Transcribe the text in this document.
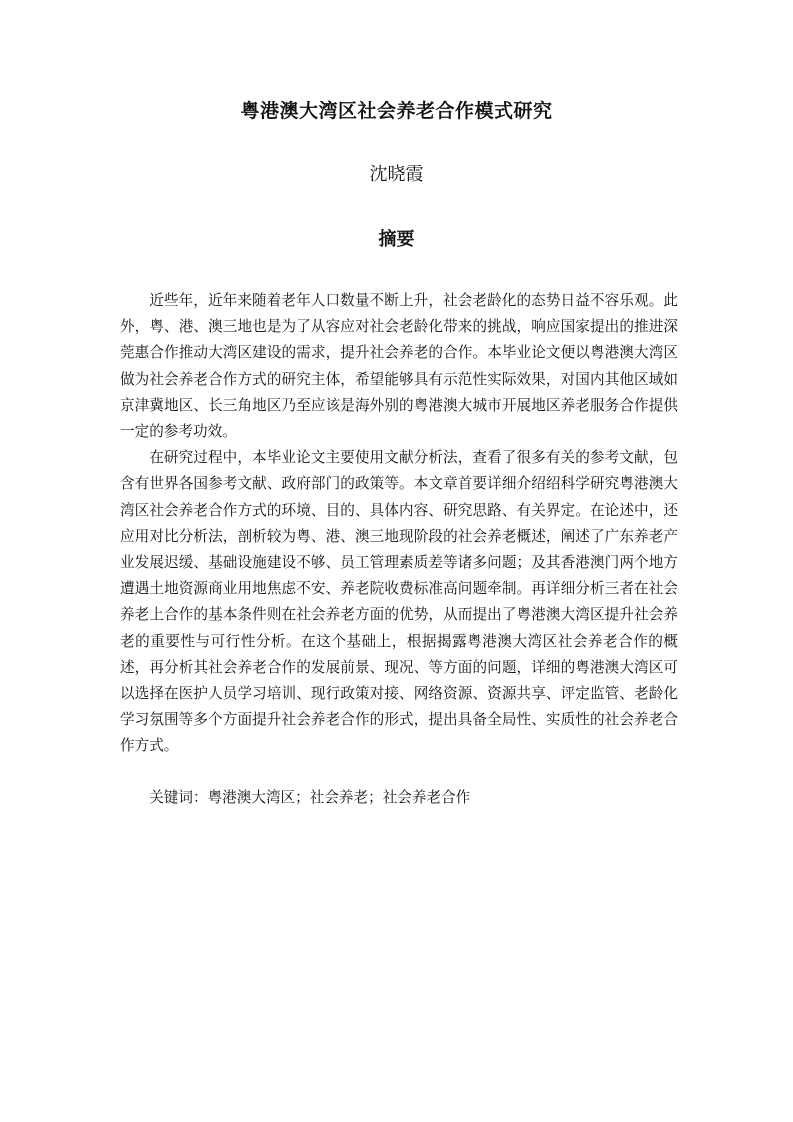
粤港澳大湾区社会养老合作模式研究
沈晓霞
摘要

近些年，近年来随着老年人口数量不断上升，社会老龄化的态势日益不容乐观。此外，粤、港、澳三地也是为了从容应对社会老龄化带来的挑战，响应国家提出的推进深莞惠合作推动大湾区建设的需求，提升社会养老的合作。本毕业论文便以粤港澳大湾区做为社会养老合作方式的研究主体，希望能够具有示范性实际效果，对国内其他区域如京津冀地区、长三角地区乃至应该是海外别的粤港澳大城市开展地区养老服务合作提供一定的参考功效。

在研究过程中，本毕业论文主要使用文献分析法，查看了很多有关的参考文献，包含有世界各国参考文献、政府部门的政策等。本文章首要详细介绍绍科学研究粤港澳大湾区社会养老合作方式的环境、目的、具体内容、研究思路、有关界定。在论述中，还应用对比分析法，剖析较为粤、港、澳三地现阶段的社会养老概述，阐述了广东养老产业发展迟缓、基础设施建设不够、员工管理素质差等诸多问题；及其香港澳门两个地方遭遇土地资源商业用地焦虑不安、养老院收费标准高问题牵制。再详细分析三者在社会养老上合作的基本条件则在社会养老方面的优势，从而提出了粤港澳大湾区提升社会养老的重要性与可行性分析。在这个基础上，根据揭露粤港澳大湾区社会养老合作的概述，再分析其社会养老合作的发展前景、现况、等方面的问题，详细的粤港澳大湾区可以选择在医护人员学习培训、现行政策对接、网络资源、资源共享、评定监管、老龄化学习氛围等多个方面提升社会养老合作的形式，提出具备全局性、实质性的社会养老合作方式。

关键词：粤港澳大湾区；社会养老；社会养老合作
